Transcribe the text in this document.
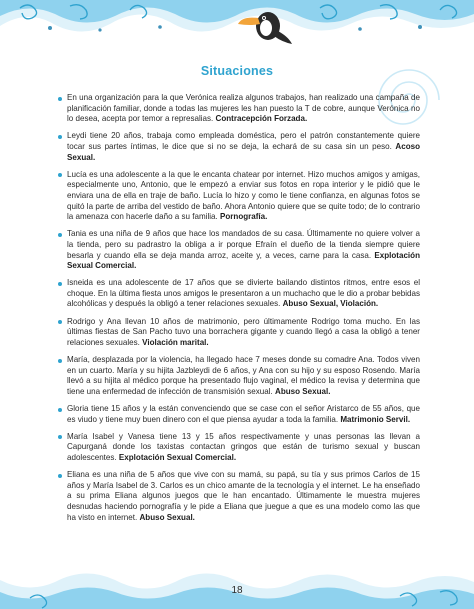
Situaciones
En una organización para la que Verónica realiza algunos trabajos, han realizado una campaña de planificación familiar, donde a todas las mujeres les han puesto la T de cobre, aunque Verónica no lo desea, acepta por temor a represalias. Contracepción Forzada.
Leydi tiene 20 años, trabaja como empleada doméstica, pero el patrón constantemente quiere tocar sus partes íntimas, le dice que si no se deja, la echará de su casa sin un peso. Acoso Sexual.
Lucía es una adolescente a la que le encanta chatear por internet. Hizo muchos amigos y amigas, especialmente uno, Antonio, que le empezó a enviar sus fotos en ropa interior y le pidió que le enviara una de ella en traje de baño. Lucía lo hizo y como le tiene confianza, en algunas fotos se quitó la parte de arriba del vestido de baño. Ahora Antonio quiere que se quite todo; de lo contrario la amenaza con hacerle daño a su familia. Pornografía.
Tania es una niña de 9 años que hace los mandados de su casa. Últimamente no quiere volver a la tienda, pero su padrastro la obliga a ir porque Efraín el dueño de la tienda siempre quiere besarla y cuando ella se deja manda arroz, aceite y, a veces, carne para la casa. Explotación Sexual Comercial.
Isneida es una adolescente de 17 años que se divierte bailando distintos ritmos, entre esos el choque. En la última fiesta unos amigos le presentaron a un muchacho que le dio a probar bebidas alcohólicas y después la obligó a tener relaciones sexuales. Abuso Sexual, Violación.
Rodrigo y Ana llevan 10 años de matrimonio, pero últimamente Rodrigo toma mucho. En las últimas fiestas de San Pacho tuvo una borrachera gigante y cuando llegó a casa la obligó a tener relaciones sexuales. Violación marital.
María, desplazada por la violencia, ha llegado hace 7 meses donde su comadre Ana. Todos viven en un cuarto. María y su hijita Jazbleydi de 6 años, y Ana con su hijo y su esposo Rosendo. María llevó a su hijita al médico porque ha presentado flujo vaginal, el médico la revisa y determina que tiene una enfermedad de infección de transmisión sexual. Abuso Sexual.
Gloria tiene 15 años y la están convenciendo que se case con el señor Aristarco de 55 años, que es viudo y tiene muy buen dinero con el que piensa ayudar a toda la familia. Matrimonio Servil.
María Isabel y Vanesa tiene 13 y 15 años respectivamente y unas personas las llevan a Capurganá donde los taxistas contactan gringos que están de turismo sexual y buscan adolescentes. Explotación Sexual Comercial.
Eliana es una niña de 5 años que vive con su mamá, su papá, su tía y sus primos Carlos de 15 años y María Isabel de 3. Carlos es un chico amante de la tecnología y el internet. Le ha enseñado a su prima Eliana algunos juegos que le han encantado. Últimamente le muestra mujeres desnudas haciendo pornografía y le pide a Eliana que juegue a que es una modelo como las que ha visto en internet. Abuso Sexual.
18
